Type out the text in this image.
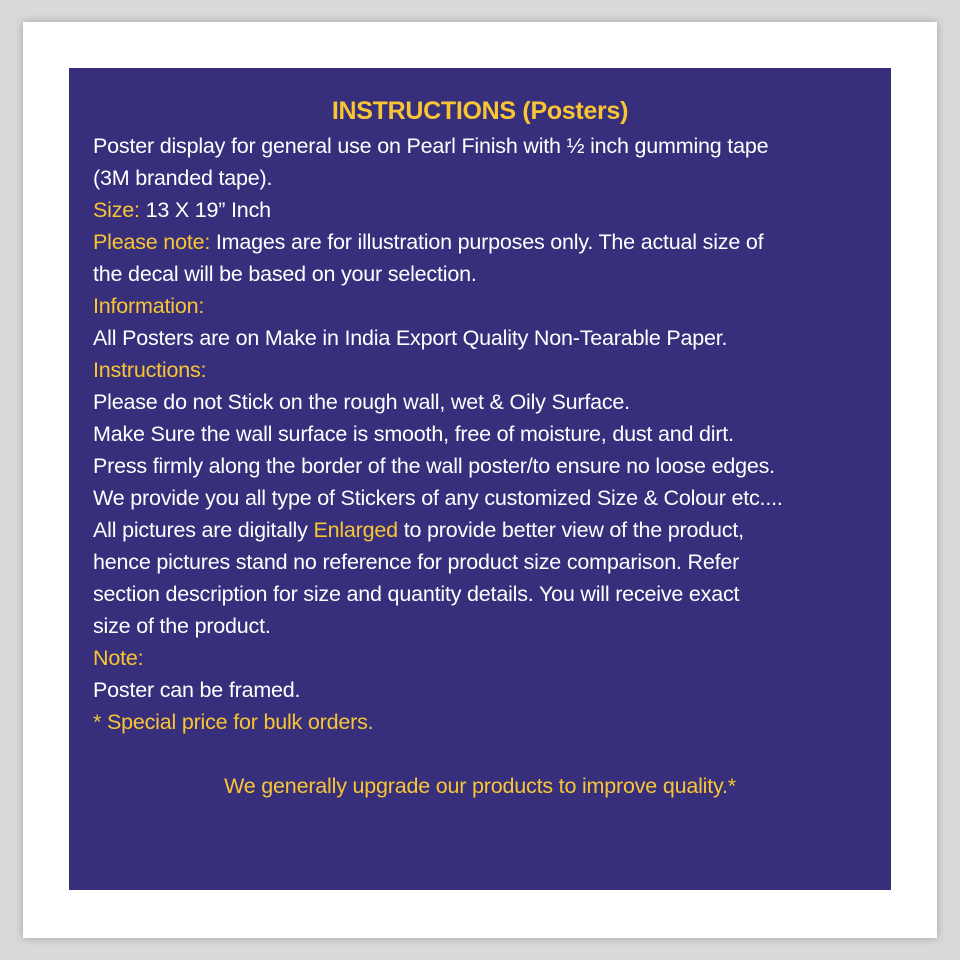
INSTRUCTIONS (Posters)
Poster display for general use on Pearl Finish with ½ inch gumming tape
(3M branded tape).
Size: 13 X 19” Inch
Please note: Images are for illustration purposes only. The actual size of
the decal will be based on your selection.
Information:
All Posters are on Make in India Export Quality Non-Tearable Paper.
Instructions:
Please do not Stick on the rough wall, wet & Oily Surface.
Make Sure the wall surface is smooth, free of moisture, dust and dirt.
Press firmly along the border of the wall poster/to ensure no loose edges.
We provide you all type of Stickers of any customized Size & Colour etc....
All pictures are digitally Enlarged to provide better view of the product,
hence pictures stand no reference for product size comparison. Refer
section description for size and quantity details. You will receive exact
size of the product.
Note:
Poster can be framed.
* Special price for bulk orders.
We generally upgrade our products to improve quality.*
